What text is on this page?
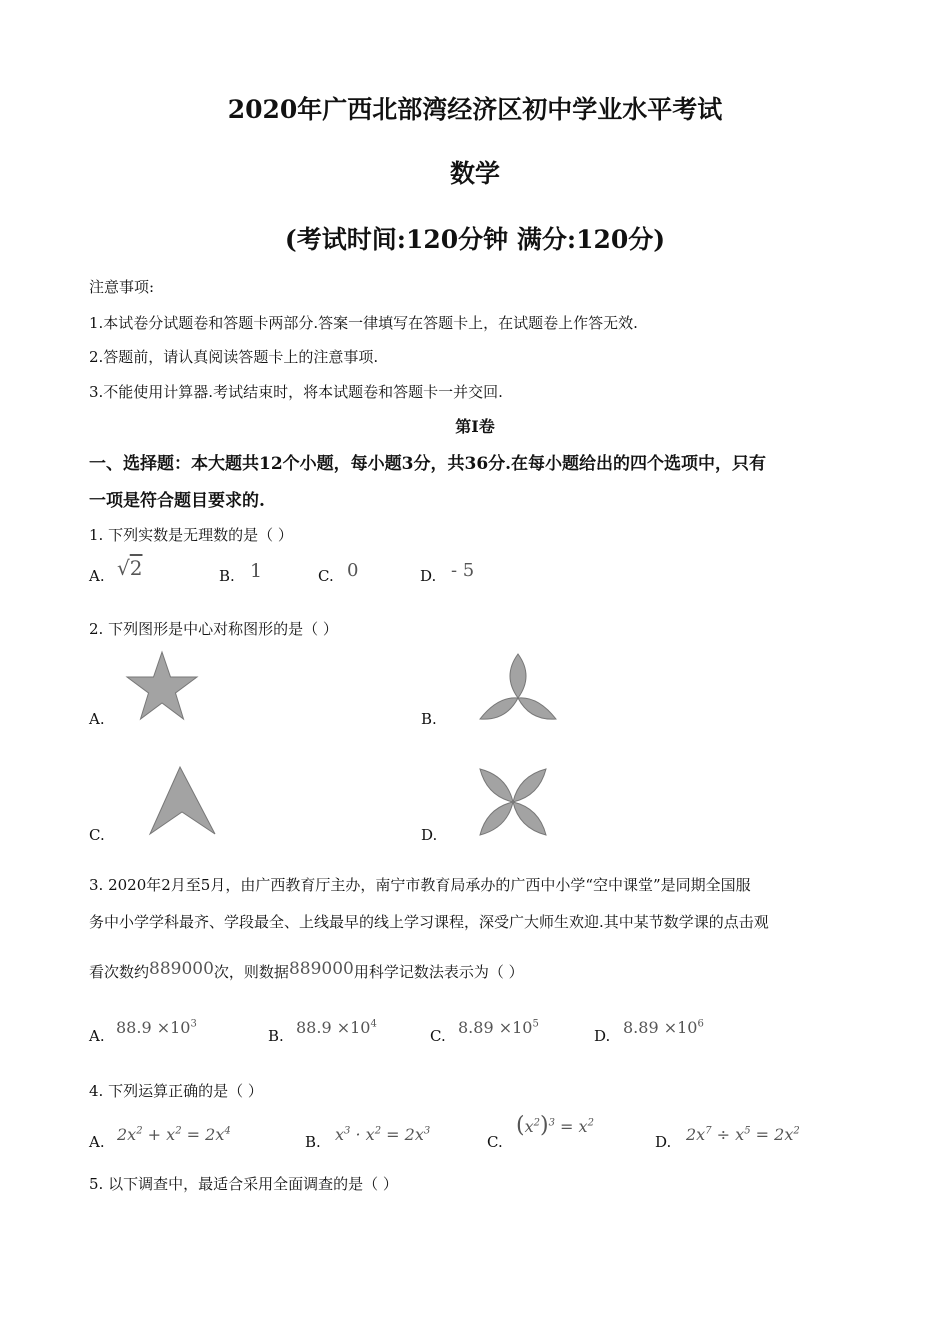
2020年广西北部湾经济区初中学业水平考试
数学
(考试时间:120分钟 满分:120分)
注意事项:
1.本试卷分试题卷和答题卡两部分.答案一律填写在答题卡上，在试题卷上作答无效.
2.答题前，请认真阅读答题卡上的注意事项.
3.不能使用计算器.考试结束时，将本试题卷和答题卡一并交回.
第Ⅰ卷
一、选择题：本大题共12个小题，每小题3分，共36分.在每小题给出的四个选项中，只有
一项是符合题目要求的.
1. 下列实数是无理数的是（ ）
A. √2	B. 1	C. 0	D. - 5
2. 下列图形是中心对称图形的是（ ）
A.	B.
C.	D.
3. 2020年2月至5月，由广西教育厅主办，南宁市教育局承办的广西中小学“空中课堂”是同期全国服
务中小学学科最齐、学段最全、上线最早的线上学习课程，深受广大师生欢迎.其中某节数学课的点击观
看次数约889000次，则数据889000用科学记数法表示为（ ）
A. $88.9 \times 10^3$
B. $88.9 \times 10^4$
C. $8.89 \times 10^5$
D. $8.89 \times 10^6$
4. 下列运算正确的是（ ）
A. $2x^2 + x^2 = 2x^4$
B. $x^3 \cdot x^2 = 2x^3$
C.
$(x^2)^3 = x^2$
D. $2x^7 \div x^5 = 2x^2$
5. 以下调查中，最适合采用全面调查的是（ ）
